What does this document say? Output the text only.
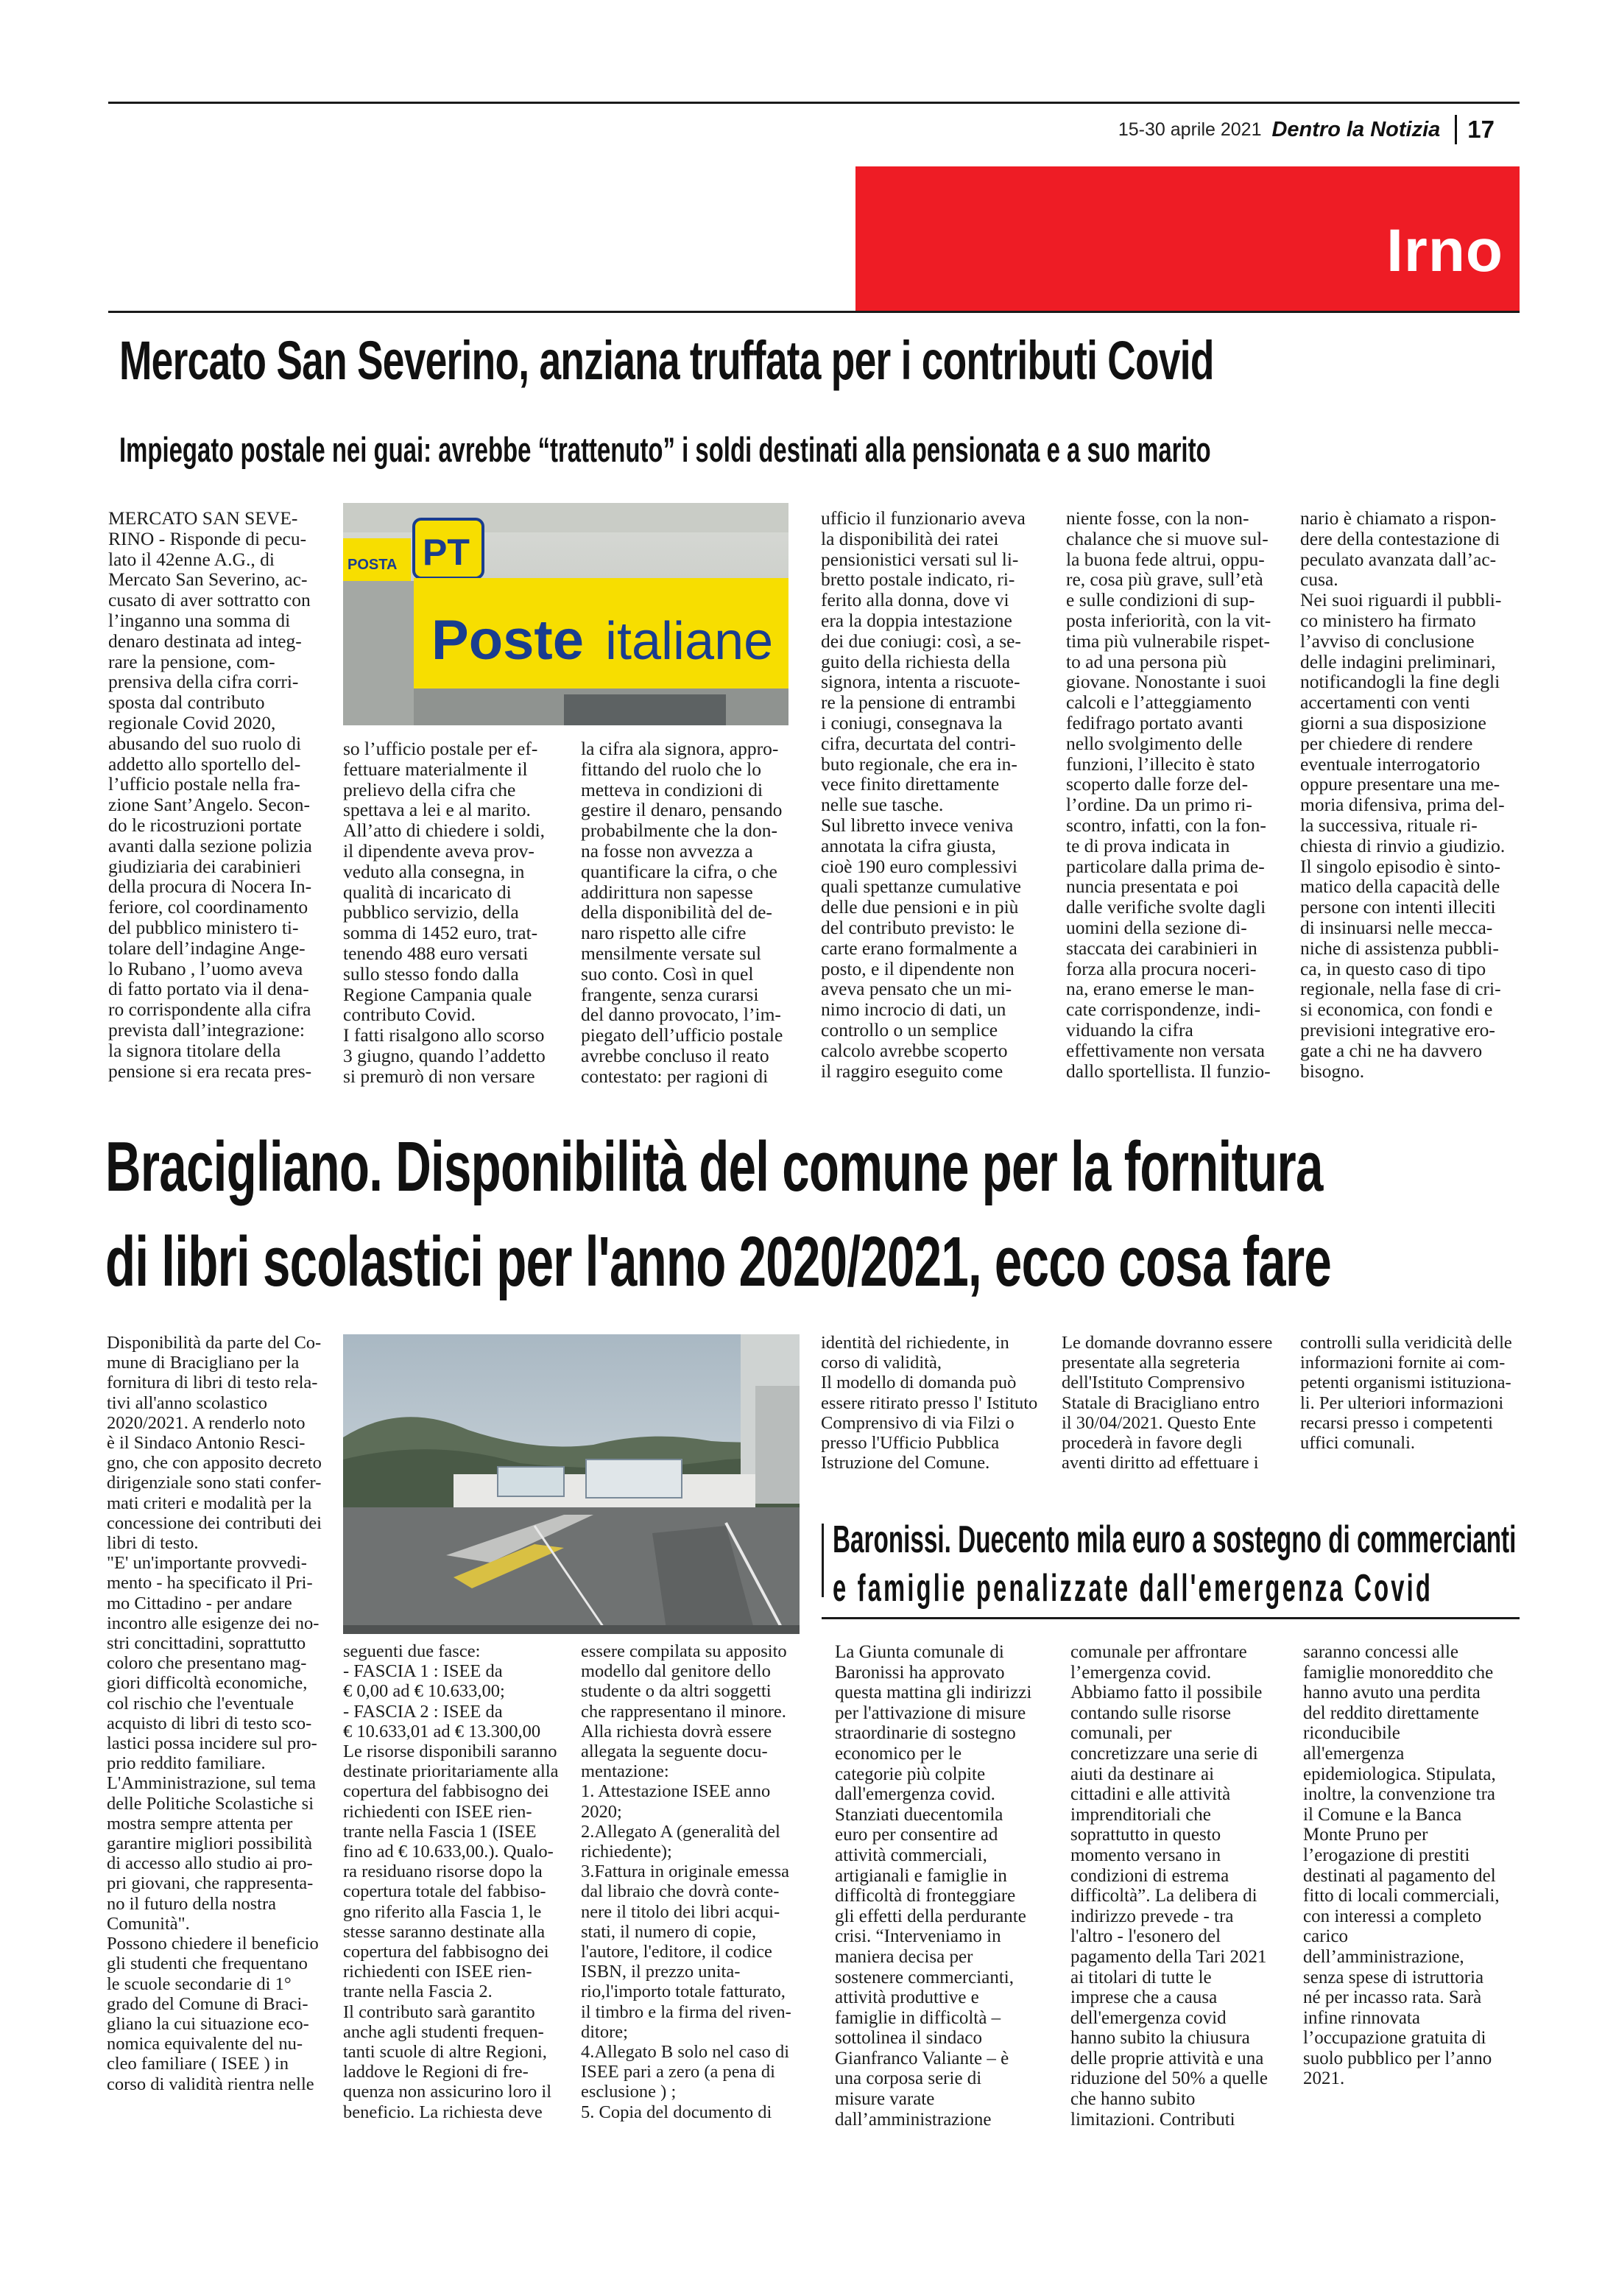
15-30 aprile 2021 Dentro la Notizia 17
Irno
Mercato San Severino, anziana truffata per i contributi Covid
Impiegato postale nei guai: avrebbe “trattenuto” i soldi destinati alla pensionata e a suo marito
MERCATO SAN SEVE-
RINO - Risponde di pecu-
lato il 42enne A.G., di
Mercato San Severino, ac-
cusato di aver sottratto con
l’inganno una somma di
denaro destinata ad integ-
rare la pensione, com-
prensiva della cifra corri-
sposta dal contributo
regionale Covid 2020,
abusando del suo ruolo di
addetto allo sportello del-
l’ufficio postale nella fra-
zione Sant’Angelo. Secon-
do le ricostruzioni portate
avanti dalla sezione polizia
giudiziaria dei carabinieri
della procura di Nocera In-
feriore, col coordinamento
del pubblico ministero ti-
tolare dell’indagine Ange-
lo Rubano , l’uomo aveva
di fatto portato via il dena-
ro corrispondente alla cifra
prevista dall’integrazione:
la signora titolare della
pensione si era recata pres-
POSTA PT
Poste italiane
so l’ufficio postale per ef-
fettuare materialmente il
prelievo della cifra che
spettava a lei e al marito.
All’atto di chiedere i soldi,
il dipendente aveva prov-
veduto alla consegna, in
qualità di incaricato di
pubblico servizio, della
somma di 1452 euro, trat-
tenendo 488 euro versati
sullo stesso fondo dalla
Regione Campania quale
contributo Covid.
I fatti risalgono allo scorso
3 giugno, quando l’addetto
si premurò di non versare
la cifra ala signora, appro-
fittando del ruolo che lo
metteva in condizioni di
gestire il denaro, pensando
probabilmente che la don-
na fosse non avvezza a
quantificare la cifra, o che
addirittura non sapesse
della disponibilità del de-
naro rispetto alle cifre
mensilmente versate sul
suo conto. Così in quel
frangente, senza curarsi
del danno provocato, l’im-
piegato dell’ufficio postale
avrebbe concluso il reato
contestato: per ragioni di
ufficio il funzionario aveva
la disponibilità dei ratei
pensionistici versati sul li-
bretto postale indicato, ri-
ferito alla donna, dove vi
era la doppia intestazione
dei due coniugi: così, a se-
guito della richiesta della
signora, intenta a riscuote-
re la pensione di entrambi
i coniugi, consegnava la
cifra, decurtata del contri-
buto regionale, che era in-
vece finito direttamente
nelle sue tasche.
Sul libretto invece veniva
annotata la cifra giusta,
cioè 190 euro complessivi
quali spettanze cumulative
delle due pensioni e in più
del contributo previsto: le
carte erano formalmente a
posto, e il dipendente non
aveva pensato che un mi-
nimo incrocio di dati, un
controllo o un semplice
calcolo avrebbe scoperto
il raggiro eseguito come
niente fosse, con la non-
chalance che si muove sul-
la buona fede altrui, oppu-
re, cosa più grave, sull’età
e sulle condizioni di sup-
posta inferiorità, con la vit-
tima più vulnerabile rispet-
to ad una persona più
giovane. Nonostante i suoi
calcoli e l’atteggiamento
fedifrago portato avanti
nello svolgimento delle
funzioni, l’illecito è stato
scoperto dalle forze del-
l’ordine. Da un primo ri-
scontro, infatti, con la fon-
te di prova indicata in
particolare dalla prima de-
nuncia presentata e poi
dalle verifiche svolte dagli
uomini della sezione di-
staccata dei carabinieri in
forza alla procura noceri-
na, erano emerse le man-
cate corrispondenze, indi-
viduando la cifra
effettivamente non versata
dallo sportellista. Il funzio-
nario è chiamato a rispon-
dere della contestazione di
peculato avanzata dall’ac-
cusa.
Nei suoi riguardi il pubbli-
co ministero ha firmato
l’avviso di conclusione
delle indagini preliminari,
notificandogli la fine degli
accertamenti con venti
giorni a sua disposizione
per chiedere di rendere
eventuale interrogatorio
oppure presentare una me-
moria difensiva, prima del-
la successiva, rituale ri-
chiesta di rinvio a giudizio.
Il singolo episodio è sinto-
matico della capacità delle
persone con intenti illeciti
di insinuarsi nelle mecca-
niche di assistenza pubbli-
ca, in questo caso di tipo
regionale, nella fase di cri-
si economica, con fondi e
previsioni integrative ero-
gate a chi ne ha davvero
bisogno.
Bracigliano. Disponibilità del comune per la fornitura
di libri scolastici per l'anno 2020/2021, ecco cosa fare
Disponibilità da parte del Co-
mune di Bracigliano per la
fornitura di libri di testo rela-
tivi all'anno scolastico
2020/2021. A renderlo noto
è il Sindaco Antonio Resci-
gno, che con apposito decreto
dirigenziale sono stati confer-
mati criteri e modalità per la
concessione dei contributi dei
libri di testo.
"E' un'importante provvedi-
mento - ha specificato il Pri-
mo Cittadino - per andare
incontro alle esigenze dei no-
stri concittadini, soprattutto
coloro che presentano mag-
giori difficoltà economiche,
col rischio che l'eventuale
acquisto di libri di testo sco-
lastici possa incidere sul pro-
prio reddito familiare.
L'Amministrazione, sul tema
delle Politiche Scolastiche si
mostra sempre attenta per
garantire migliori possibilità
di accesso allo studio ai pro-
pri giovani, che rappresenta-
no il futuro della nostra
Comunità".
Possono chiedere il beneficio
gli studenti che frequentano
le scuole secondarie di 1°
grado del Comune di Braci-
gliano la cui situazione eco-
nomica equivalente del nu-
cleo familiare ( ISEE ) in
corso di validità rientra nelle
seguenti due fasce:
- FASCIA 1 : ISEE da
€ 0,00 ad € 10.633,00;
- FASCIA 2 : ISEE da
€ 10.633,01 ad € 13.300,00
Le risorse disponibili saranno
destinate prioritariamente alla
copertura del fabbisogno dei
richiedenti con ISEE rien-
trante nella Fascia 1 (ISEE
fino ad € 10.633,00.). Qualo-
ra residuano risorse dopo la
copertura totale del fabbiso-
gno riferito alla Fascia 1, le
stesse saranno destinate alla
copertura del fabbisogno dei
richiedenti con ISEE rien-
trante nella Fascia 2.
Il contributo sarà garantito
anche agli studenti frequen-
tanti scuole di altre Regioni,
laddove le Regioni di fre-
quenza non assicurino loro il
beneficio. La richiesta deve
essere compilata su apposito
modello dal genitore dello
studente o da altri soggetti
che rappresentano il minore.
Alla richiesta dovrà essere
allegata la seguente docu-
mentazione:
1. Attestazione ISEE anno
2020;
2.Allegato A (generalità del
richiedente);
3.Fattura in originale emessa
dal libraio che dovrà conte-
nere il titolo dei libri acqui-
stati, il numero di copie,
l'autore, l'editore, il codice
ISBN, il prezzo unita-
rio,l'importo totale fatturato,
il timbro e la firma del riven-
ditore;
4.Allegato B solo nel caso di
ISEE pari a zero (a pena di
esclusione ) ;
5. Copia del documento di
identità del richiedente, in
corso di validità,
Il modello di domanda può
essere ritirato presso l' Istituto
Comprensivo di via Filzi o
presso l'Ufficio Pubblica
Istruzione del Comune.
Le domande dovranno essere
presentate alla segreteria
dell'Istituto Comprensivo
Statale di Bracigliano entro
il 30/04/2021. Questo Ente
procederà in favore degli
aventi diritto ad effettuare i
controlli sulla veridicità delle
informazioni fornite ai com-
petenti organismi istituziona-
li. Per ulteriori informazioni
recarsi presso i competenti
uffici comunali.
Baronissi. Duecento mila euro a sostegno di commercianti
e famiglie penalizzate dall'emergenza Covid
La Giunta comunale di
Baronissi ha approvato
questa mattina gli indirizzi
per l'attivazione di misure
straordinarie di sostegno
economico per le
categorie più colpite
dall'emergenza covid.
Stanziati duecentomila
euro per consentire ad
attività commerciali,
artigianali e famiglie in
difficoltà di fronteggiare
gli effetti della perdurante
crisi. “Interveniamo in
maniera decisa per
sostenere commercianti,
attività produttive e
famiglie in difficoltà –
sottolinea il sindaco
Gianfranco Valiante – è
una corposa serie di
misure varate
dall’amministrazione
comunale per affrontare
l’emergenza covid.
Abbiamo fatto il possibile
contando sulle risorse
comunali, per
concretizzare una serie di
aiuti da destinare ai
cittadini e alle attività
imprenditoriali che
soprattutto in questo
momento versano in
condizioni di estrema
difficoltà”. La delibera di
indirizzo prevede - tra
l'altro - l'esonero del
pagamento della Tari 2021
ai titolari di tutte le
imprese che a causa
dell'emergenza covid
hanno subito la chiusura
delle proprie attività e una
riduzione del 50% a quelle
che hanno subito
limitazioni. Contributi
saranno concessi alle
famiglie monoreddito che
hanno avuto una perdita
del reddito direttamente
riconducibile
all'emergenza
epidemiologica. Stipulata,
inoltre, la convenzione tra
il Comune e la Banca
Monte Pruno per
l’erogazione di prestiti
destinati al pagamento del
fitto di locali commerciali,
con interessi a completo
carico
dell’amministrazione,
senza spese di istruttoria
né per incasso rata. Sarà
infine rinnovata
l’occupazione gratuita di
suolo pubblico per l’anno
2021.
